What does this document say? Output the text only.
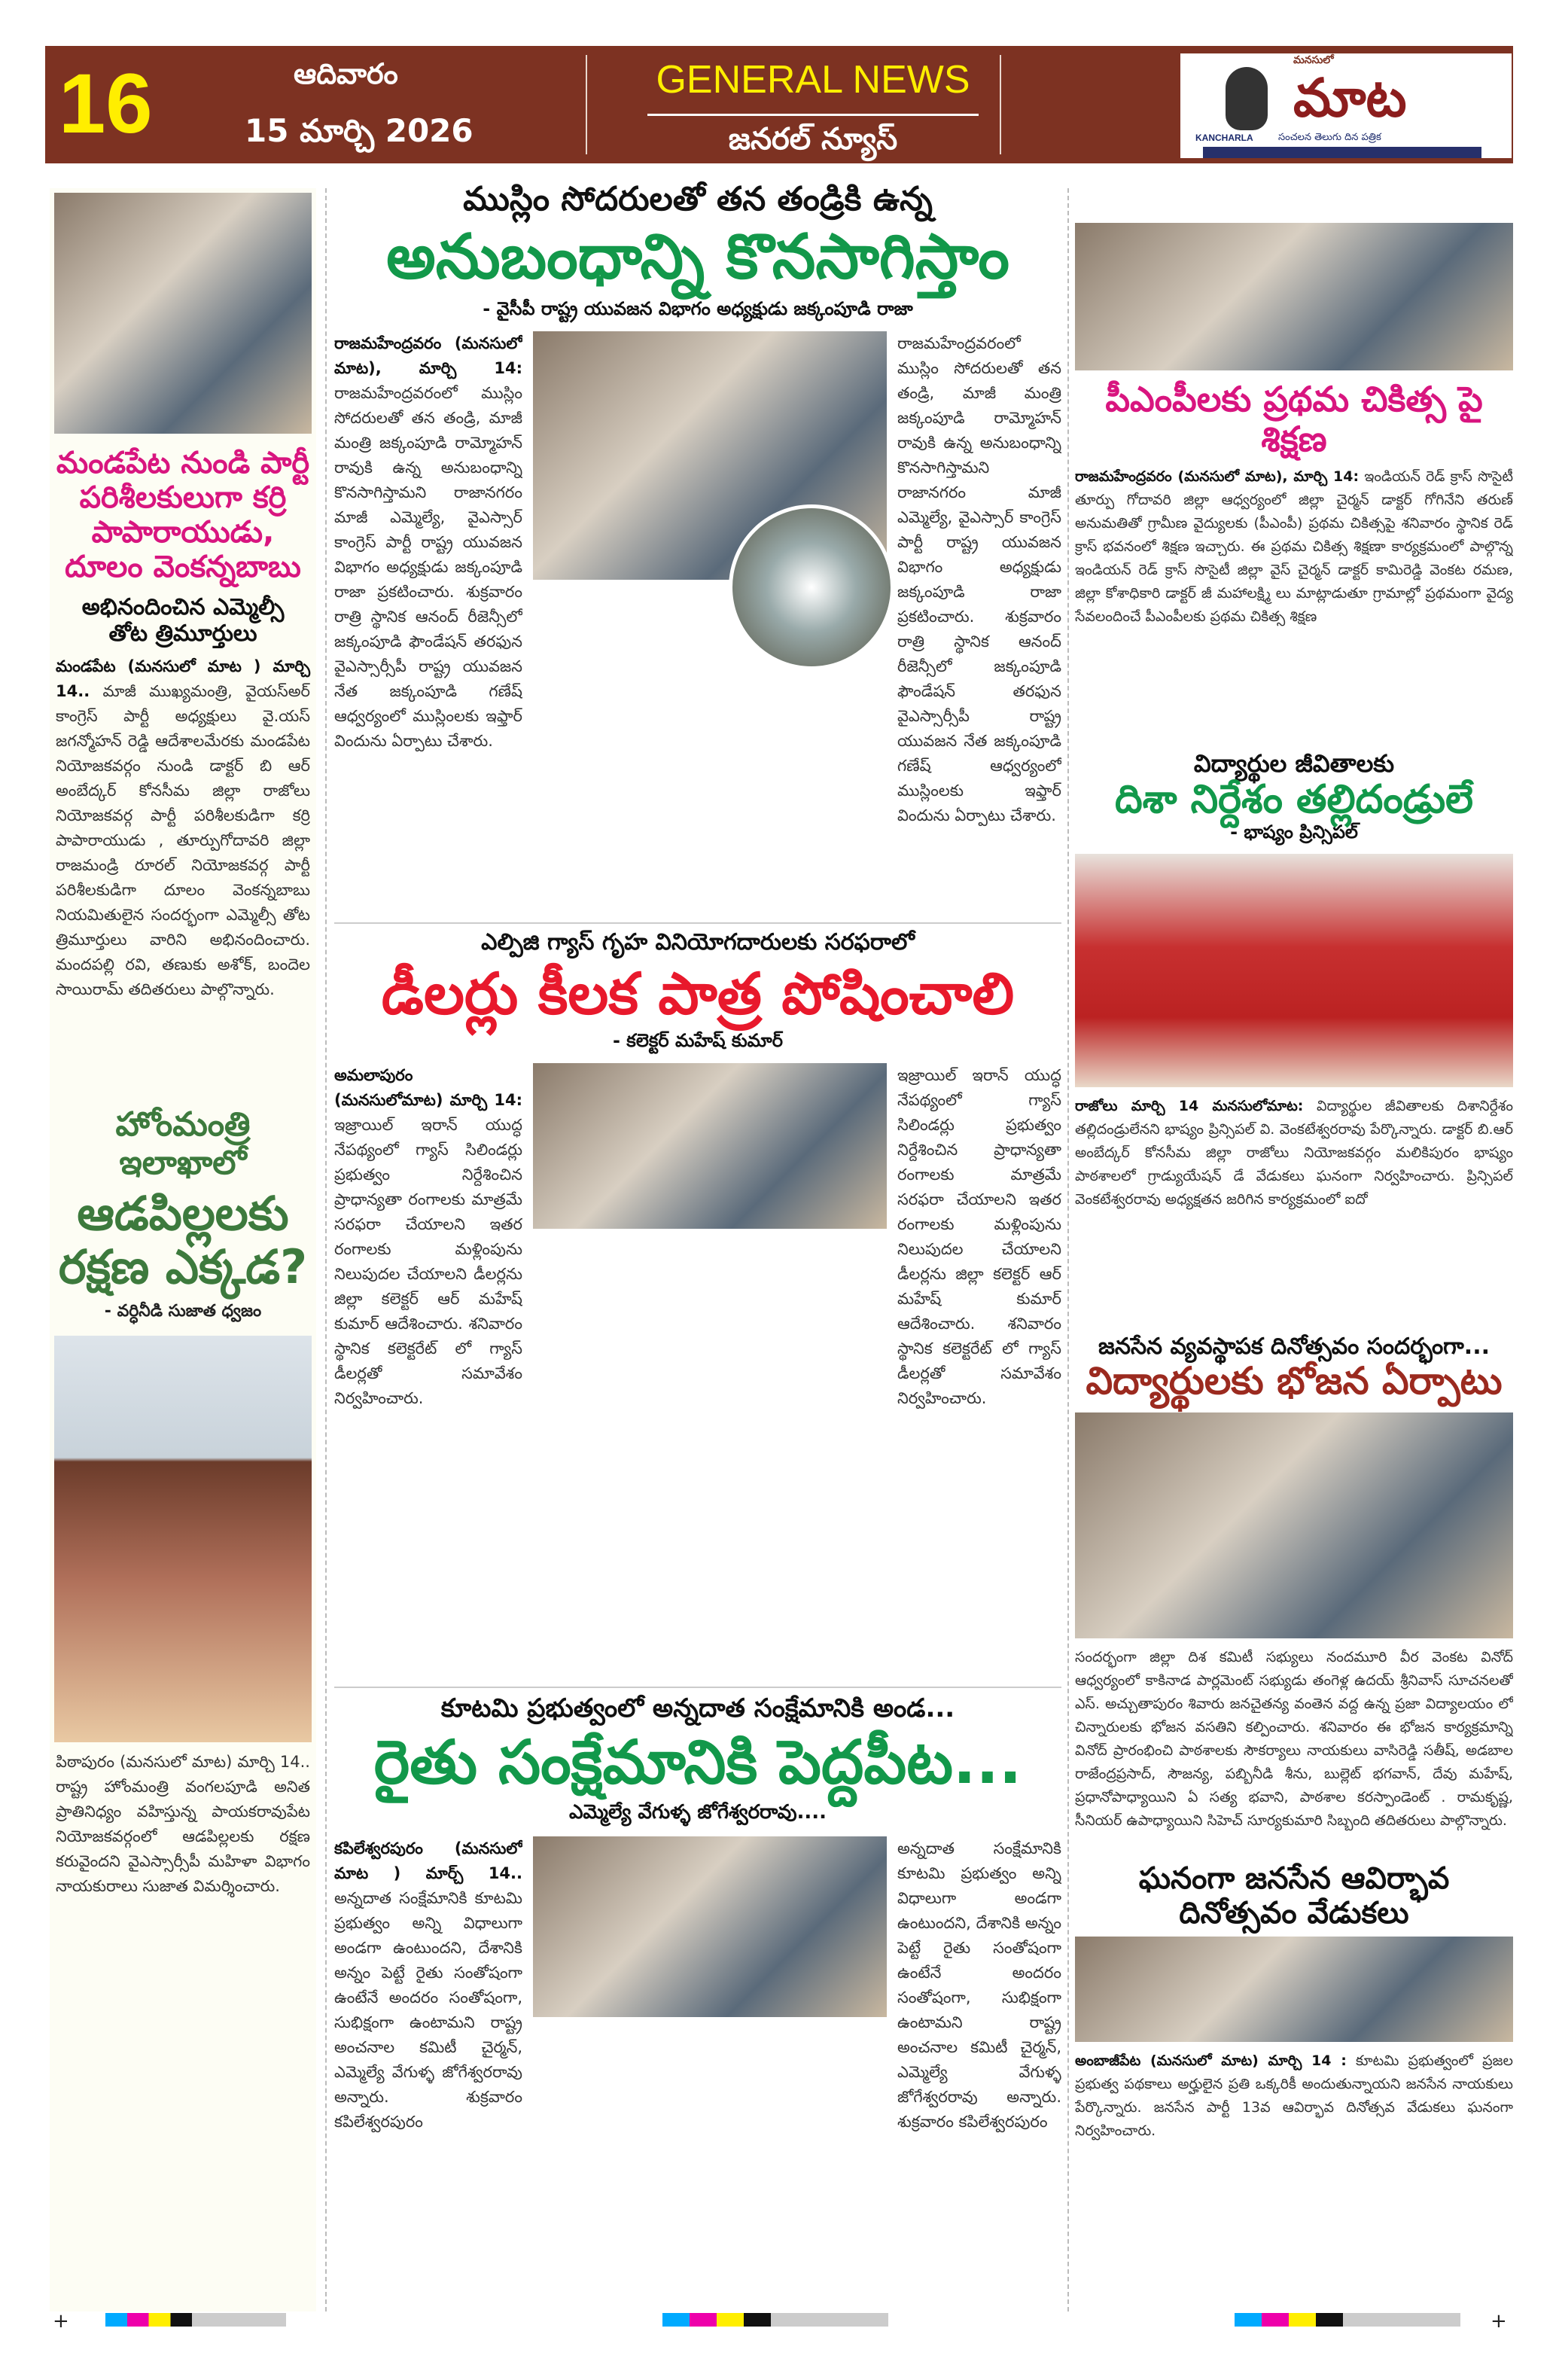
16	ఆదివారం
15 మార్చి 2026
GENERAL NEWS
జనరల్ న్యూస్
మనసులో
మాట
KANCHARLA	సంచలన తెలుగు దిన పత్రిక
మండపేట నుండి పార్టీ పరిశీలకులుగా కర్రి పాపారాయుడు, దూలం వెంకన్నబాబు
అభినందించిన ఎమ్మెల్సీ తోట త్రిమూర్తులు
మండపేట (మనసులో మాట ) మార్చి 14.. మాజీ ముఖ్యమంత్రి, వైయస్అర్ కాంగ్రెస్ పార్టీ అధ్యక్షులు వై.యస్ జగన్మోహన్ రెడ్డి ఆదేశాలమేరకు మండపేట నియోజకవర్గం నుండి డాక్టర్ బి ఆర్ అంబేద్కర్ కోనసీమ జిల్లా రాజోలు నియోజకవర్గ పార్టీ పరిశీలకుడిగా కర్రి పాపారాయుడు , తూర్పుగోదావరి జిల్లా రాజమండ్రి రూరల్ నియోజకవర్గ పార్టీ పరిశీలకుడిగా దూలం వెంకన్నబాబు నియమితులైన సందర్భంగా ఎమ్మెల్సీ తోట త్రిమూర్తులు వారిని అభినందించారు. మందపల్లి రవి, తణుకు అశోక్, బందెల సాయిరామ్ తదితరులు పాల్గొన్నారు.
హోంమంత్రి ఇలాఖాలో
ఆడపిల్లలకు రక్షణ ఎక్కడ?
- వర్ధినీడి సుజాత ధ్వజం
పిఠాపురం (మనసులో మాట) మార్చి 14.. రాష్ట్ర హోంమంత్రి వంగలపూడి అనిత ప్రాతినిధ్యం వహిస్తున్న పాయకరావుపేట నియోజకవర్గంలో ఆడపిల్లలకు రక్షణ కరువైందని వైఎస్సార్సీపీ మహిళా విభాగం నాయకురాలు సుజాత విమర్శించారు.
ముస్లిం సోదరులతో తన తండ్రికి ఉన్న
అనుబంధాన్ని కొనసాగిస్తాం
- వైసీపీ రాష్ట్ర యువజన విభాగం అధ్యక్షుడు జక్కంపూడి రాజా
రాజమహేంద్రవరం (మనసులో మాట), మార్చి 14: రాజమహేంద్రవరంలో ముస్లిం సోదరులతో తన తండ్రి, మాజీ మంత్రి జక్కంపూడి రామ్మోహన్ రావుకి ఉన్న అనుబంధాన్ని కొనసాగిస్తామని రాజానగరం మాజీ ఎమ్మెల్యే, వైఎస్సార్ కాంగ్రెస్ పార్టీ రాష్ట్ర యువజన విభాగం అధ్యక్షుడు జక్కంపూడి రాజా ప్రకటించారు. శుక్రవారం రాత్రి స్థానిక ఆనంద్ రీజెన్సీలో జక్కంపూడి ఫౌండేషన్ తరఫున వైఎస్సార్సీపీ రాష్ట్ర యువజన నేత జక్కంపూడి గణేష్ ఆధ్వర్యంలో ముస్లింలకు ఇఫ్తార్ విందును ఏర్పాటు చేశారు.
రాజమహేంద్రవరంలో ముస్లిం సోదరులతో తన తండ్రి, మాజీ మంత్రి జక్కంపూడి రామ్మోహన్ రావుకి ఉన్న అనుబంధాన్ని కొనసాగిస్తామని రాజానగరం మాజీ ఎమ్మెల్యే, వైఎస్సార్ కాంగ్రెస్ పార్టీ రాష్ట్ర యువజన విభాగం అధ్యక్షుడు జక్కంపూడి రాజా ప్రకటించారు. శుక్రవారం రాత్రి స్థానిక ఆనంద్ రీజెన్సీలో జక్కంపూడి ఫౌండేషన్ తరఫున వైఎస్సార్సీపీ రాష్ట్ర యువజన నేత జక్కంపూడి గణేష్ ఆధ్వర్యంలో ముస్లింలకు ఇఫ్తార్ విందును ఏర్పాటు చేశారు.
ఎల్పిజి గ్యాస్ గృహ వినియోగదారులకు సరఫరాలో
డీలర్లు కీలక పాత్ర పోషించాలి
- కలెక్టర్ మహేష్ కుమార్
అమలాపురం (మనసులోమాట) మార్చి 14: ఇజ్రాయిల్ ఇరాన్ యుద్ధ నేపథ్యంలో గ్యాస్ సిలిండర్లు ప్రభుత్వం నిర్దేశించిన ప్రాధాన్యతా రంగాలకు మాత్రమే సరఫరా చేయాలని ఇతర రంగాలకు మళ్లింపును నిలుపుదల చేయాలని డీలర్లను జిల్లా కలెక్టర్ ఆర్ మహేష్ కుమార్ ఆదేశించారు. శనివారం స్థానిక కలెక్టరేట్ లో గ్యాస్ డీలర్లతో సమావేశం నిర్వహించారు.
ఇజ్రాయిల్ ఇరాన్ యుద్ధ నేపథ్యంలో గ్యాస్ సిలిండర్లు ప్రభుత్వం నిర్దేశించిన ప్రాధాన్యతా రంగాలకు మాత్రమే సరఫరా చేయాలని ఇతర రంగాలకు మళ్లింపును నిలుపుదల చేయాలని డీలర్లను జిల్లా కలెక్టర్ ఆర్ మహేష్ కుమార్ ఆదేశించారు. శనివారం స్థానిక కలెక్టరేట్ లో గ్యాస్ డీలర్లతో సమావేశం నిర్వహించారు.
కూటమి ప్రభుత్వంలో అన్నదాత సంక్షేమానికి అండ...
రైతు సంక్షేమానికి పెద్దపీట...
ఎమ్మెల్యే వేగుళ్ళ జోగేశ్వరరావు....
కపిలేశ్వరపురం (మనసులో మాట ) మార్చ్ 14.. అన్నదాత సంక్షేమానికి కూటమి ప్రభుత్వం అన్ని విధాలుగా అండగా ఉంటుందని, దేశానికి అన్నం పెట్టే రైతు సంతోషంగా ఉంటేనే అందరం సంతోషంగా, సుభిక్షంగా ఉంటామని రాష్ట్ర అంచనాల కమిటీ చైర్మన్, ఎమ్మెల్యే వేగుళ్ళ జోగేశ్వరరావు అన్నారు. శుక్రవారం కపిలేశ్వరపురం
అన్నదాత సంక్షేమానికి కూటమి ప్రభుత్వం అన్ని విధాలుగా అండగా ఉంటుందని, దేశానికి అన్నం పెట్టే రైతు సంతోషంగా ఉంటేనే అందరం సంతోషంగా, సుభిక్షంగా ఉంటామని రాష్ట్ర అంచనాల కమిటీ చైర్మన్, ఎమ్మెల్యే వేగుళ్ళ జోగేశ్వరరావు అన్నారు. శుక్రవారం కపిలేశ్వరపురం
పీఎంపీలకు ప్రథమ చికిత్స పై శిక్షణ
రాజమహేంద్రవరం (మనసులో మాట), మార్చి 14: ఇండియన్ రెడ్ క్రాస్ సొసైటీ తూర్పు గోదావరి జిల్లా ఆధ్వర్యంలో జిల్లా చైర్మన్ డాక్టర్ గోగినేని తరుణ్ అనుమతితో గ్రామీణ వైద్యులకు (పీఎంపీ) ప్రథమ చికిత్సపై శనివారం స్థానిక రెడ్ క్రాస్ భవనంలో శిక్షణ ఇచ్చారు. ఈ ప్రథమ చికిత్స శిక్షణా కార్యక్రమంలో పాల్గొన్న ఇండియన్ రెడ్ క్రాస్ సొసైటీ జిల్లా వైస్ చైర్మన్ డాక్టర్ కామిరెడ్డి వెంకట రమణ, జిల్లా కోశాధికారి డాక్టర్ జీ మహాలక్ష్మి లు మాట్లాడుతూ గ్రామాల్లో ప్రథమంగా వైద్య సేవలందించే పీఎంపీలకు ప్రథమ చికిత్స శిక్షణ
విద్యార్థుల జీవితాలకు
దిశా నిర్దేశం తల్లిదండ్రులే
- భాష్యం ప్రిన్సిపల్
రాజోలు మార్చి 14 మనసులోమాట: విద్యార్థుల జీవితాలకు దిశానిర్దేశం తల్లిదండ్రులేనని భాష్యం ప్రిన్సిపల్ వి. వెంకటేశ్వరరావు పేర్కొన్నారు. డాక్టర్ బి.ఆర్ అంబేద్కర్ కోనసీమ జిల్లా రాజోలు నియోజకవర్గం మలికిపురం భాష్యం పాఠశాలలో గ్రాడ్యుయేషన్ డే వేడుకలు ఘనంగా నిర్వహించారు. ప్రిన్సిపల్ వెంకటేశ్వరరావు అధ్యక్షతన జరిగిన కార్యక్రమంలో ఐదో
జనసేన వ్యవస్థాపక దినోత్సవం సందర్భంగా...
విద్యార్థులకు భోజన ఏర్పాటు
సందర్భంగా జిల్లా దిశ కమిటీ సభ్యులు నందమూరి వీర వెంకట వినోద్ ఆధ్వర్యంలో కాకినాడ పార్లమెంట్ సభ్యుడు తంగెళ్ల ఉదయ్ శ్రీనివాస్ సూచనలతో ఎస్. అచ్చుతాపురం శివారు జనచైతన్య వంతెన వద్ద ఉన్న ప్రజా విద్యాలయం లో చిన్నారులకు భోజన వసతిని కల్పించారు. శనివారం ఈ భోజన కార్యక్రమాన్ని వినోద్ ప్రారంభించి పాఠశాలకు సౌకర్యాలు నాయకులు వాసిరెడ్డి సతీష్, అడబాల రాజేంద్రప్రసాద్, సౌజన్య, పబ్బినీడి శీను, బుల్లెట్ భగవాన్, దేవు మహేష్, ప్రధానోపాధ్యాయిని ఏ సత్య భవాని, పాఠశాల కరస్పాండెంట్ . రామకృష్ణ, సీనియర్ ఉపాధ్యాయిని సిహెచ్ సూర్యకుమారి సిబ్బంది తదితరులు పాల్గొన్నారు.
ఘనంగా జనసేన ఆవిర్భావ దినోత్సవం వేడుకలు
అంబాజీపేట (మనసులో మాట) మార్చి 14 : కూటమి ప్రభుత్వంలో ప్రజల ప్రభుత్వ పథకాలు అర్హులైన ప్రతి ఒక్కరికీ అందుతున్నాయని జనసేన నాయకులు పేర్కొన్నారు. జనసేన పార్టీ 13వ ఆవిర్భావ దినోత్సవ వేడుకలు ఘనంగా నిర్వహించారు.
+	+
